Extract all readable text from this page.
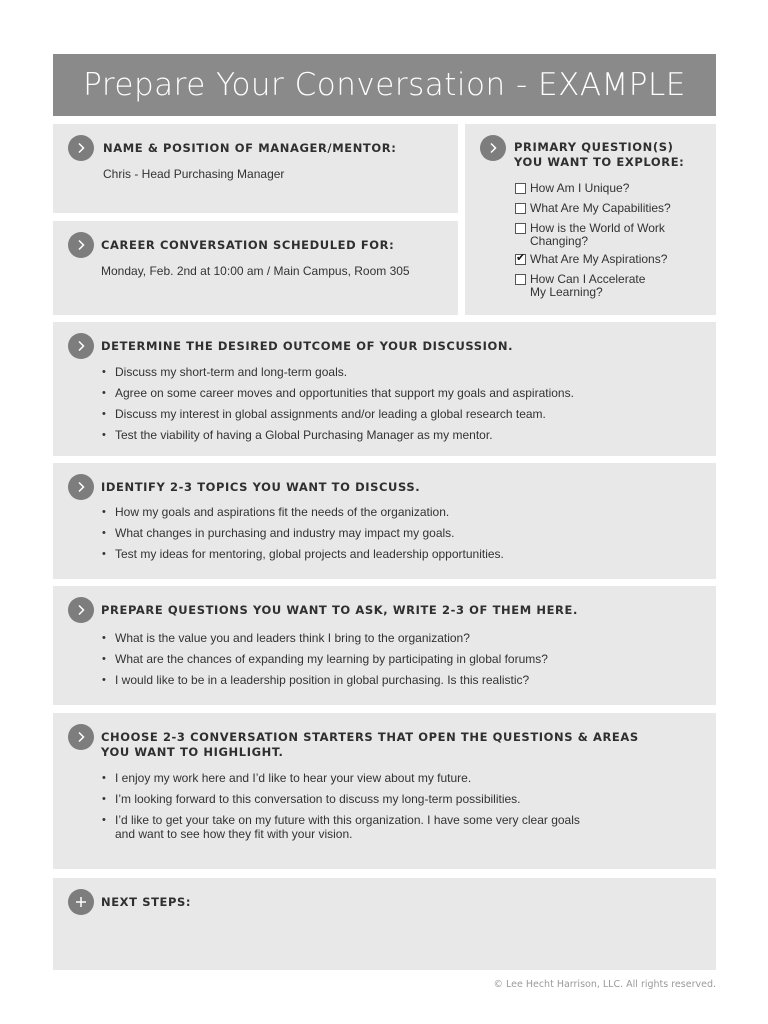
Prepare Your Conversation - EXAMPLE
NAME & POSITION OF MANAGER/MENTOR:
Chris - Head Purchasing Manager
CAREER CONVERSATION SCHEDULED FOR:
Monday, Feb. 2nd at 10:00 am / Main Campus, Room 305
PRIMARY QUESTION(S)
YOU WANT TO EXPLORE:
How Am I Unique?
What Are My Capabilities?
How is the World of Work
Changing?
✔ What Are My Aspirations?
How Can I Accelerate
My Learning?
DETERMINE THE DESIRED OUTCOME OF YOUR DISCUSSION.
• Discuss my short-term and long-term goals.
• Agree on some career moves and opportunities that support my goals and aspirations.
• Discuss my interest in global assignments and/or leading a global research team.
• Test the viability of having a Global Purchasing Manager as my mentor.
IDENTIFY 2-3 TOPICS YOU WANT TO DISCUSS.
• How my goals and aspirations fit the needs of the organization.
• What changes in purchasing and industry may impact my goals.
• Test my ideas for mentoring, global projects and leadership opportunities.
PREPARE QUESTIONS YOU WANT TO ASK, WRITE 2-3 OF THEM HERE.
• What is the value you and leaders think I bring to the organization?
• What are the chances of expanding my learning by participating in global forums?
• I would like to be in a leadership position in global purchasing. Is this realistic?
CHOOSE 2-3 CONVERSATION STARTERS THAT OPEN THE QUESTIONS & AREAS
YOU WANT TO HIGHLIGHT.
• I enjoy my work here and I’d like to hear your view about my future.
• I’m looking forward to this conversation to discuss my long-term possibilities.
• I’d like to get your take on my future with this organization. I have some very clear goals
and want to see how they fit with your vision.
NEXT STEPS:
© Lee Hecht Harrison, LLC. All rights reserved.
